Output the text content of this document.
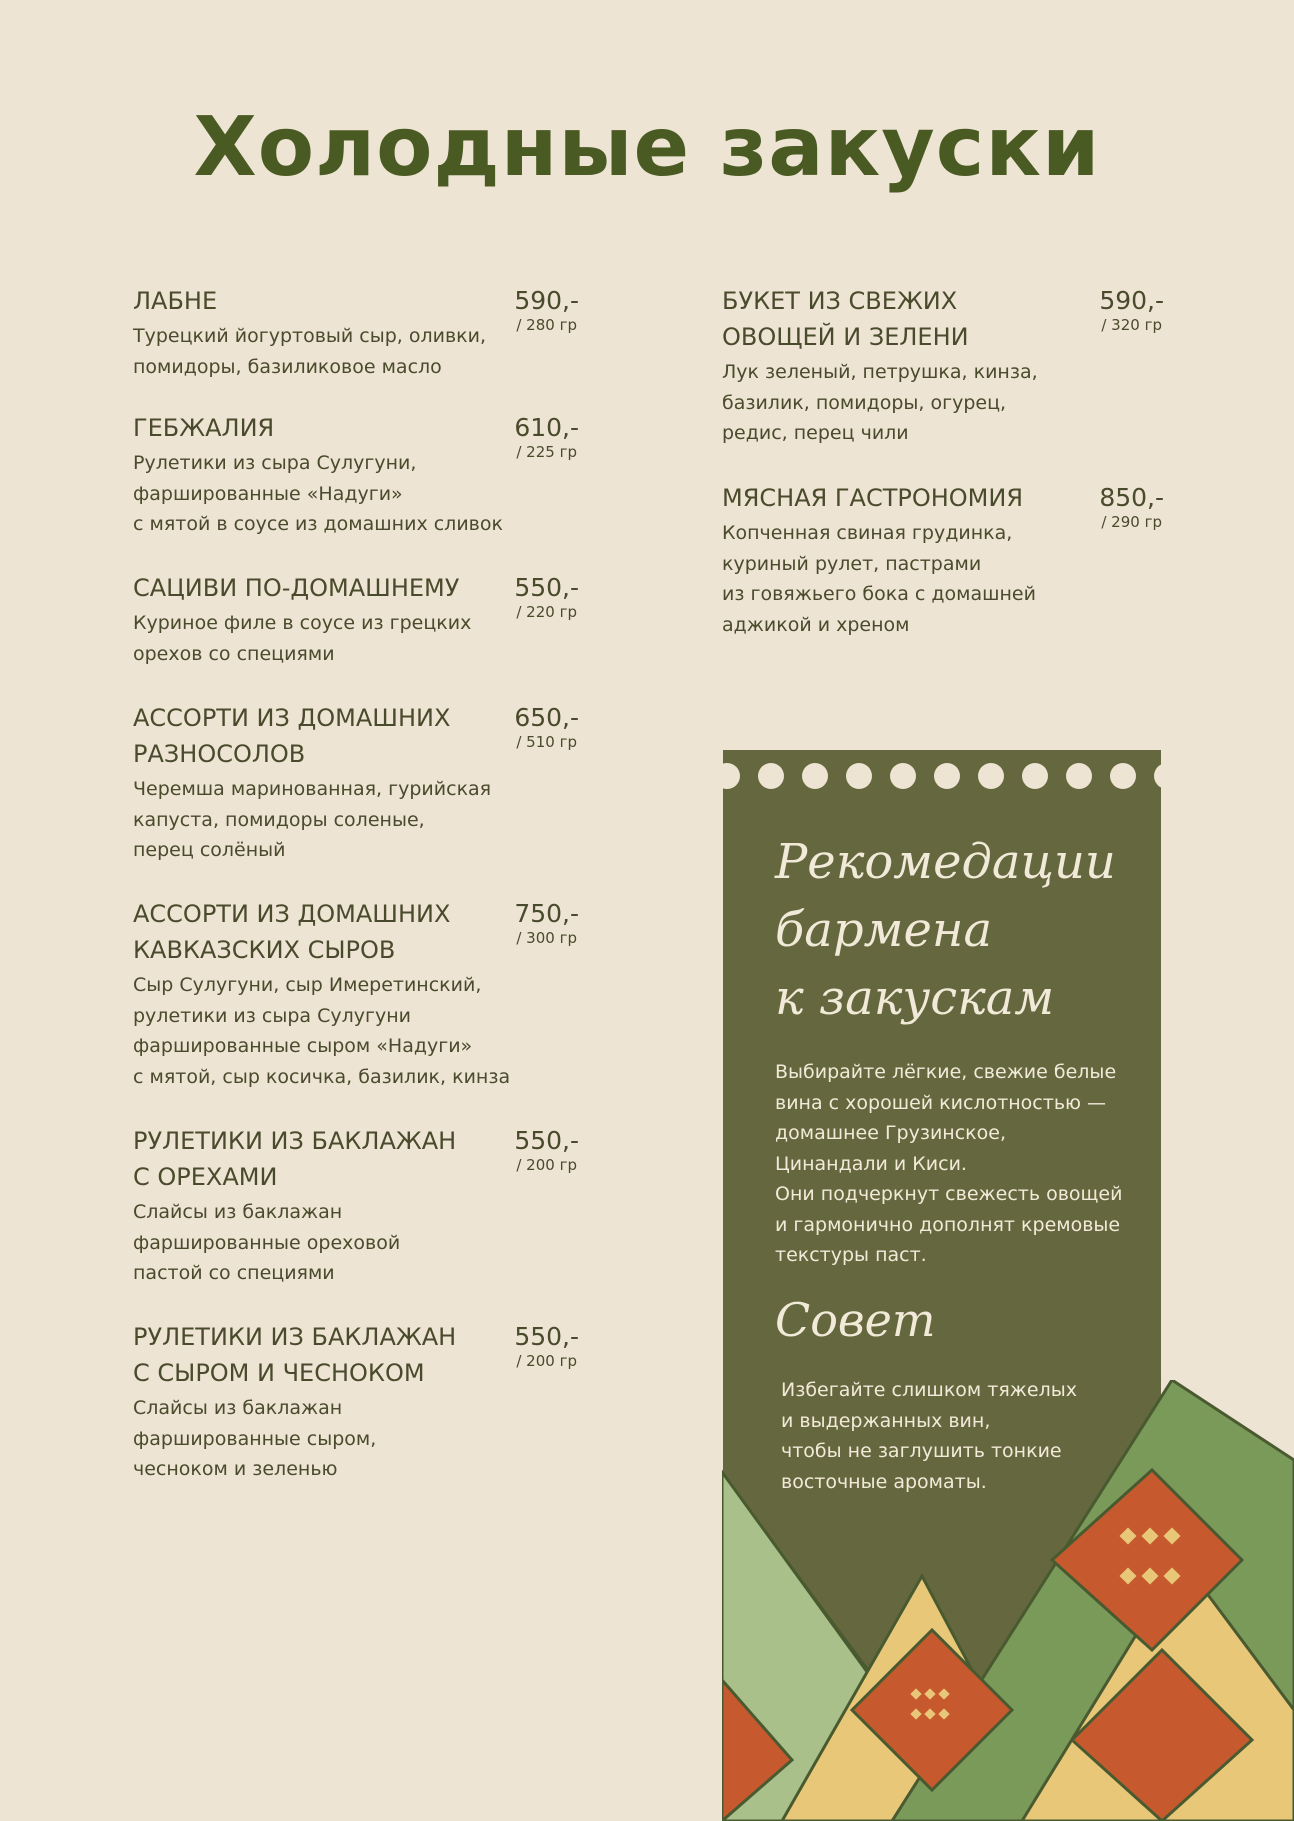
Холодные закуски
ЛАБНЕ	590,-
/ 280 гр

Турецкий йогуртовый сыр, оливки,
помидоры, базиликовое масло

ГЕБЖАЛИЯ	610,-
/ 225 гр

Рулетики из сыра Сулугуни,
фаршированные «Надуги»
с мятой в соусе из домашних сливок

САЦИВИ ПО-ДОМАШНЕМУ	550,-
/ 220 гр

Куриное филе в соусе из грецких
орехов со специями

АССОРТИ ИЗ ДОМАШНИХ
РАЗНОСОЛОВ
650,-
/ 510 гр

Черемша маринованная, гурийская
капуста, помидоры соленые,
перец солёный

АССОРТИ ИЗ ДОМАШНИХ
КАВКАЗСКИХ СЫРОВ
750,-
/ 300 гр

Сыр Сулугуни, сыр Имеретинский,
рулетики из сыра Сулугуни
фаршированные сыром «Надуги»
с мятой, сыр косичка, базилик, кинза

РУЛЕТИКИ ИЗ БАКЛАЖАН
С ОРЕХАМИ
550,-
/ 200 гр

Слайсы из баклажан
фаршированные ореховой
пастой со специями

РУЛЕТИКИ ИЗ БАКЛАЖАН
С СЫРОМ И ЧЕСНОКОМ
550,-
/ 200 гр

Слайсы из баклажан
фаршированные сыром,
чесноком и зеленью

БУКЕТ ИЗ СВЕЖИХ
ОВОЩЕЙ И ЗЕЛЕНИ
590,-
/ 320 гр

Лук зеленый, петрушка, кинза,
базилик, помидоры, огурец,
редис, перец чили

МЯСНАЯ ГАСТРОНОМИЯ	850,-
/ 290 гр

Копченная свиная грудинка,
куриный рулет, пастрами
из говяжьего бока с домашней
аджикой и хреном

Рекомедации
бармена
к закускам

Выбирайте лёгкие, свежие белые
вина с хорошей кислотностью —
домашнее Грузинское,
Цинандали и Киси.
Они подчеркнут свежесть овощей
и гармонично дополнят кремовые
текстуры паст.

Совет

Избегайте слишком тяжелых
и выдержанных вин,
чтобы не заглушить тонкие
восточные ароматы.
